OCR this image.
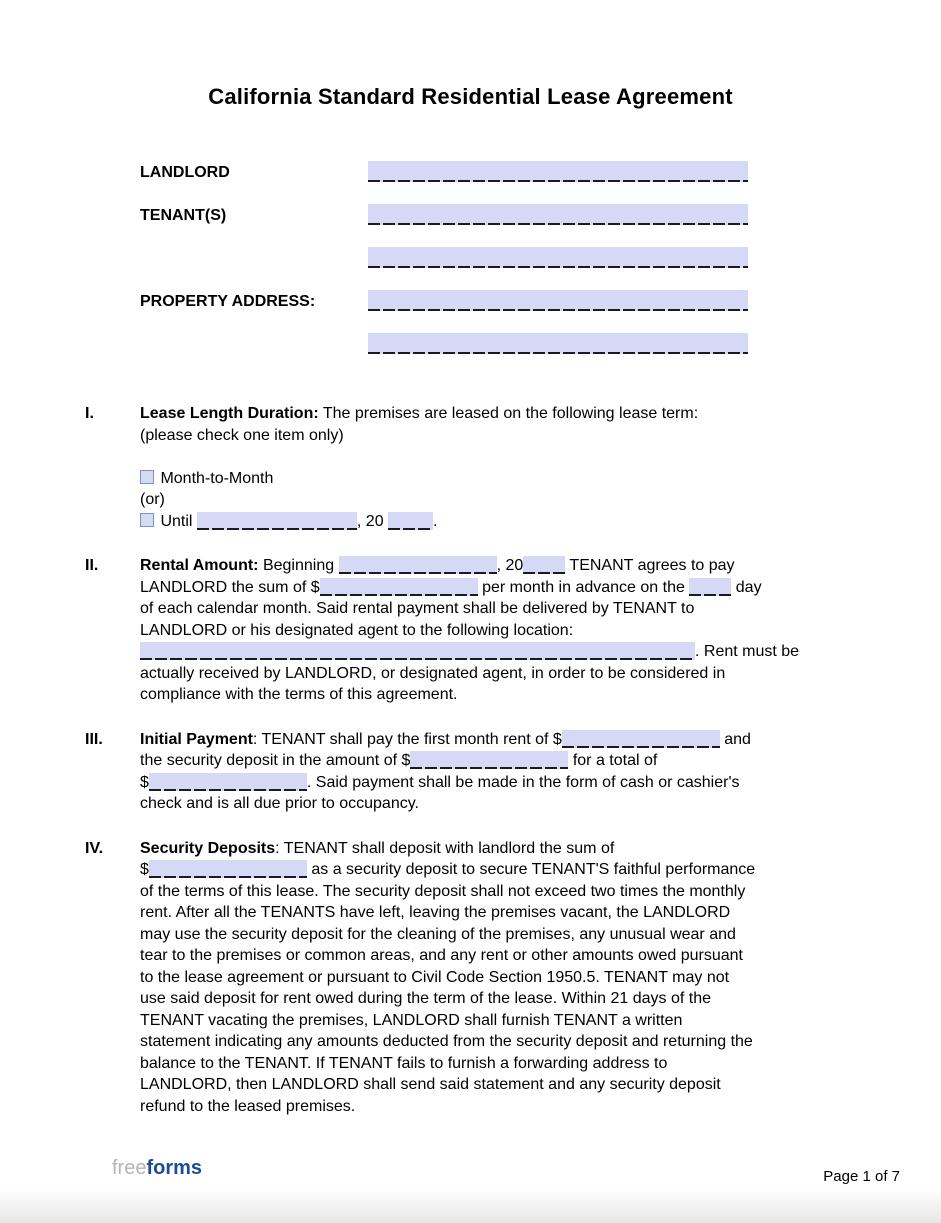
California Standard Residential Lease Agreement
LANDLORD
TENANT(S)
PROPERTY ADDRESS:
I.	Lease Length Duration: The premises are leased on the following lease term:
(please check one item only)

Month-to-Month
(or)
Until	, 20	.
II.	Rental Amount: Beginning	, 20	TENANT agrees to pay
LANDLORD the sum of $	per month in advance on the	day
of each calendar month. Said rental payment shall be delivered by TENANT to
LANDLORD or his designated agent to the following location:
. Rent must be
actually received by LANDLORD, or designated agent, in order to be considered in
compliance with the terms of this agreement.
III.	Initial Payment: TENANT shall pay the first month rent of $	and
the security deposit in the amount of $	for a total of
$	. Said payment shall be made in the form of cash or cashier's
check and is all due prior to occupancy.
IV.	Security Deposits: TENANT shall deposit with landlord the sum of
$	as a security deposit to secure TENANT'S faithful performance
of the terms of this lease. The security deposit shall not exceed two times the monthly
rent. After all the TENANTS have left, leaving the premises vacant, the LANDLORD
may use the security deposit for the cleaning of the premises, any unusual wear and
tear to the premises or common areas, and any rent or other amounts owed pursuant
to the lease agreement or pursuant to Civil Code Section 1950.5. TENANT may not
use said deposit for rent owed during the term of the lease. Within 21 days of the
TENANT vacating the premises, LANDLORD shall furnish TENANT a written
statement indicating any amounts deducted from the security deposit and returning the
balance to the TENANT. If TENANT fails to furnish a forwarding address to
LANDLORD, then LANDLORD shall send said statement and any security deposit
refund to the leased premises.
freeforms	Page 1 of 7
